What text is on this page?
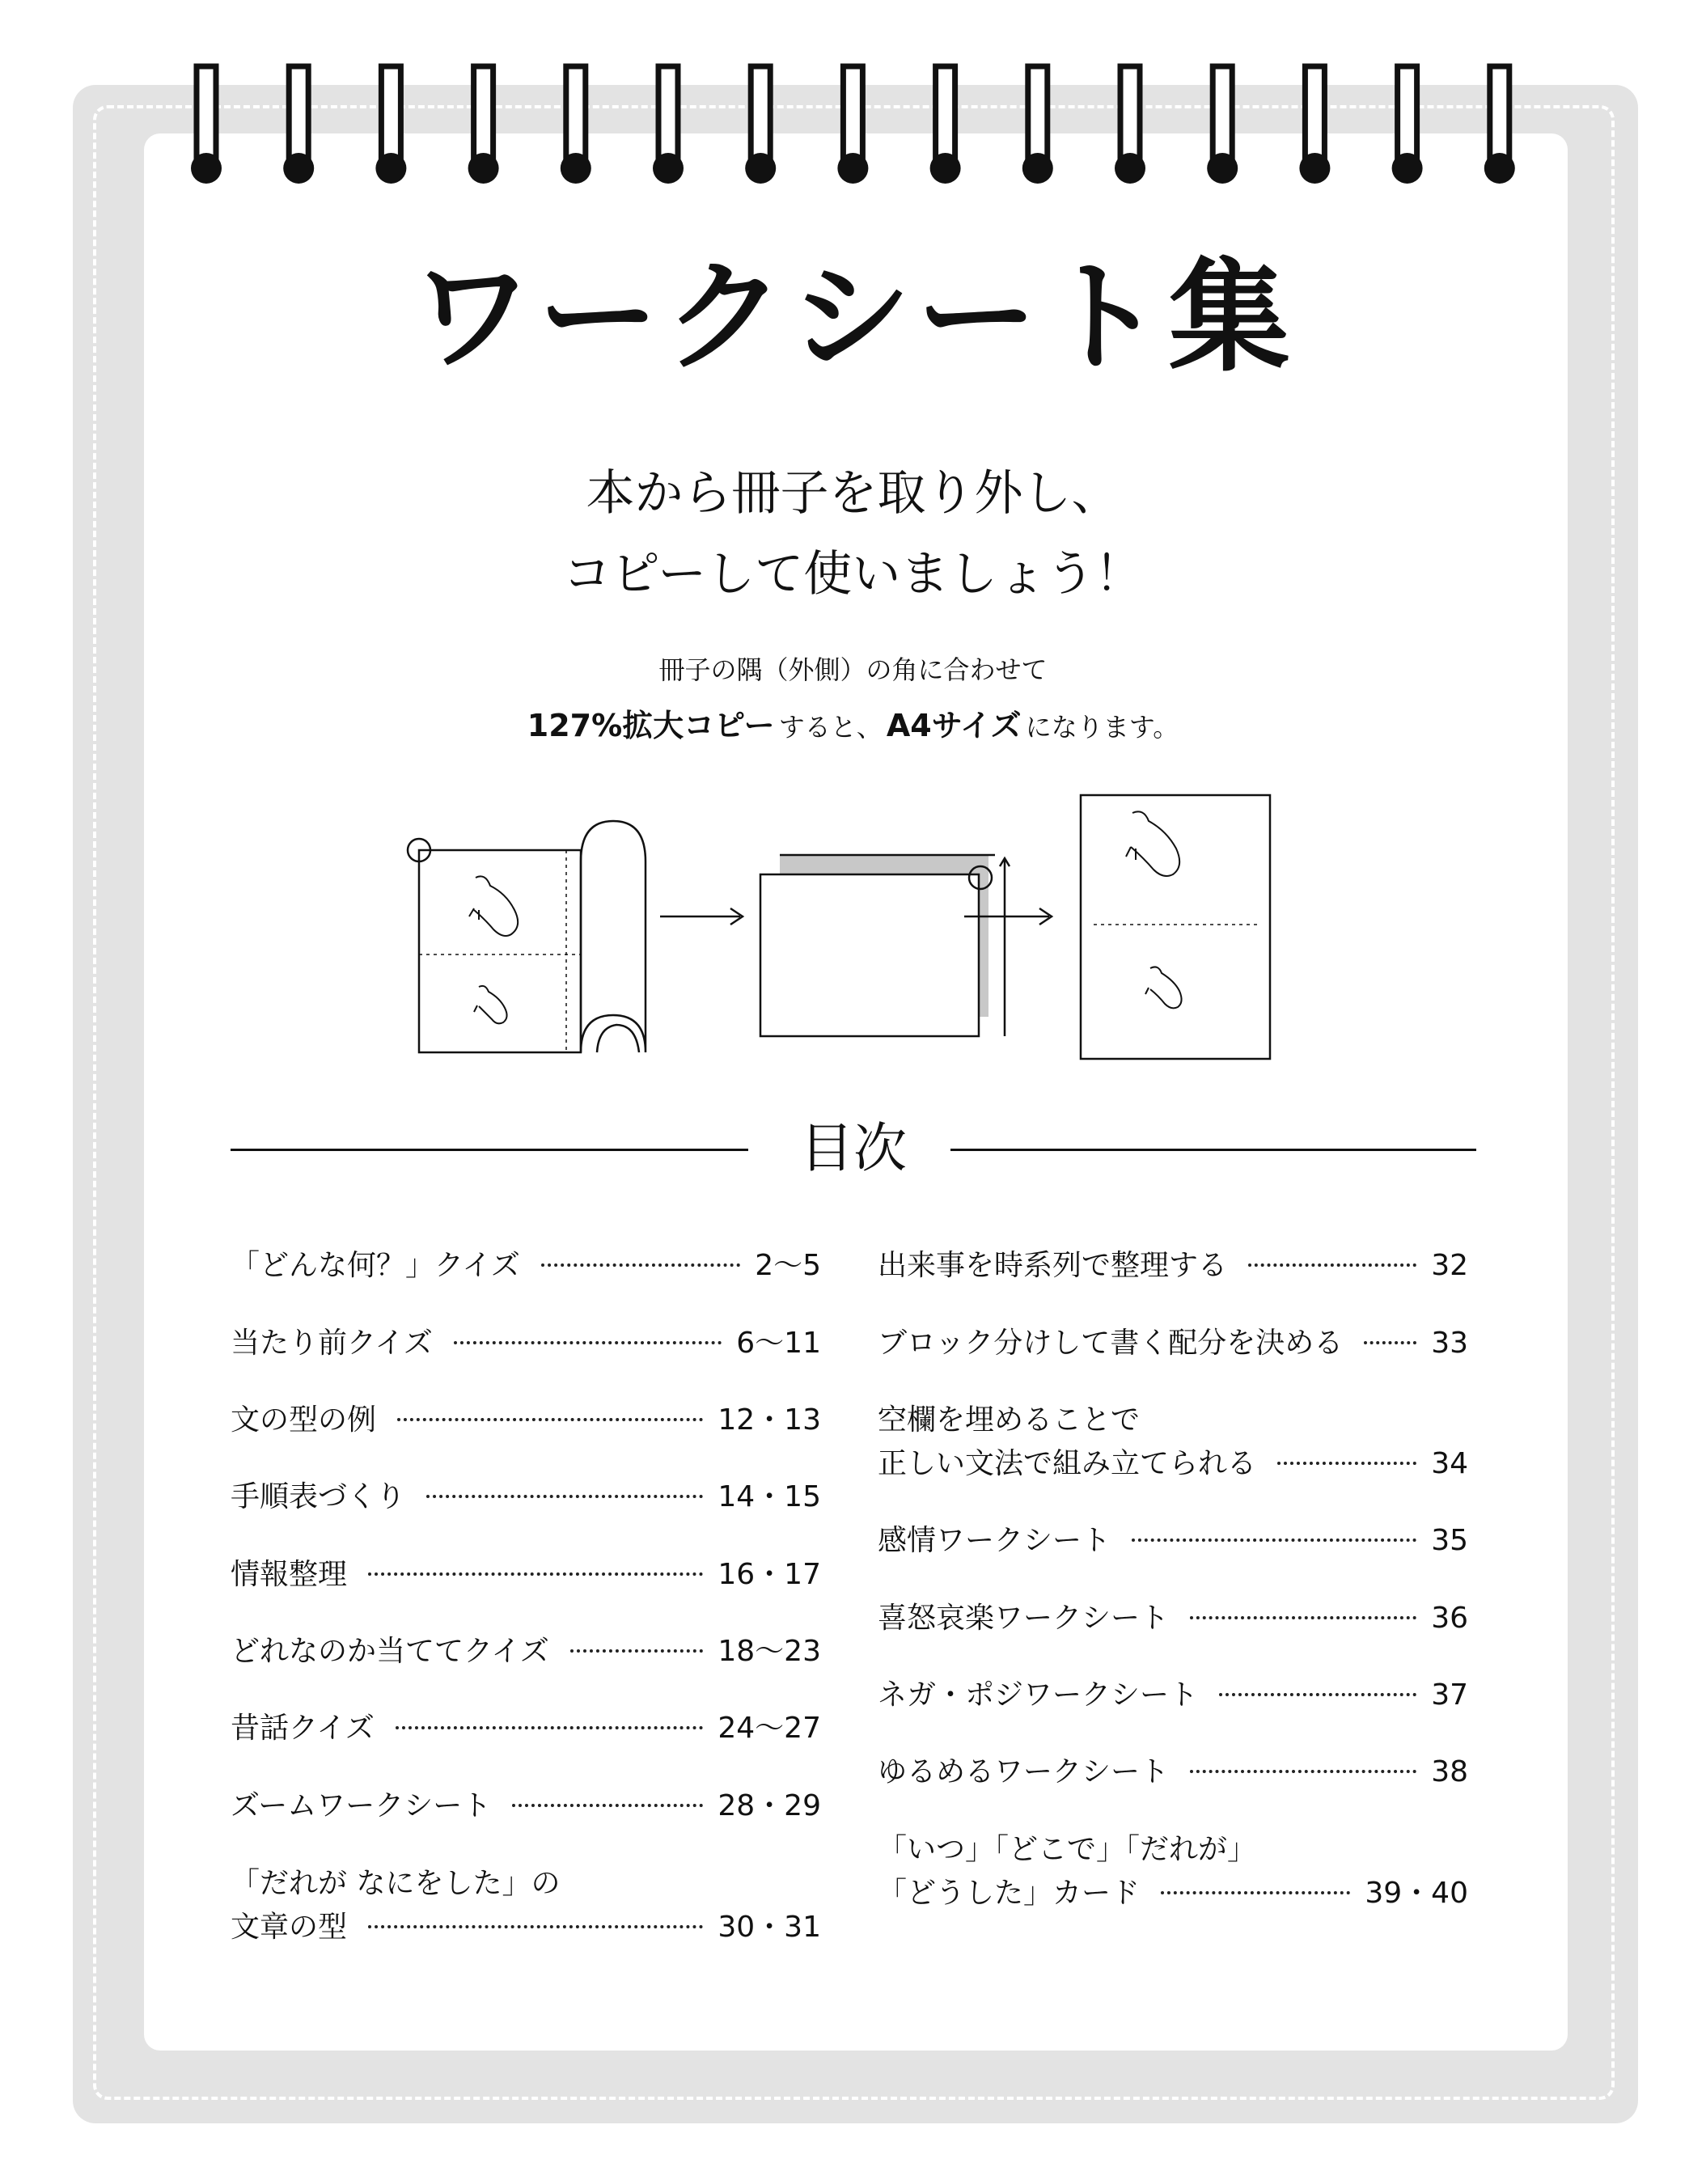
ワークシート集
本から冊子を取り外し、
コピーして使いましょう！
冊子の隅（外側）の角に合わせて
127%拡大コピー すると、 A4サイズ になります。
目次
「どんな何？」クイズ	2〜5
当たり前クイズ	6〜11
文の型の例	12・13
手順表づくり	14・15
情報整理	16・17
どれなのか当ててクイズ	18〜23
昔話クイズ	24〜27
ズームワークシート	28・29
「だれが なにをした」の
文章の型	30・31
出来事を時系列で整理する	32
ブロック分けして書く配分を決める	33
空欄を埋めることで
正しい文法で組み立てられる	34
感情ワークシート	35
喜怒哀楽ワークシート	36
ネガ・ポジワークシート	37
ゆるめるワークシート	38
「いつ」「どこで」「だれが」
「どうした」カード	39・40
